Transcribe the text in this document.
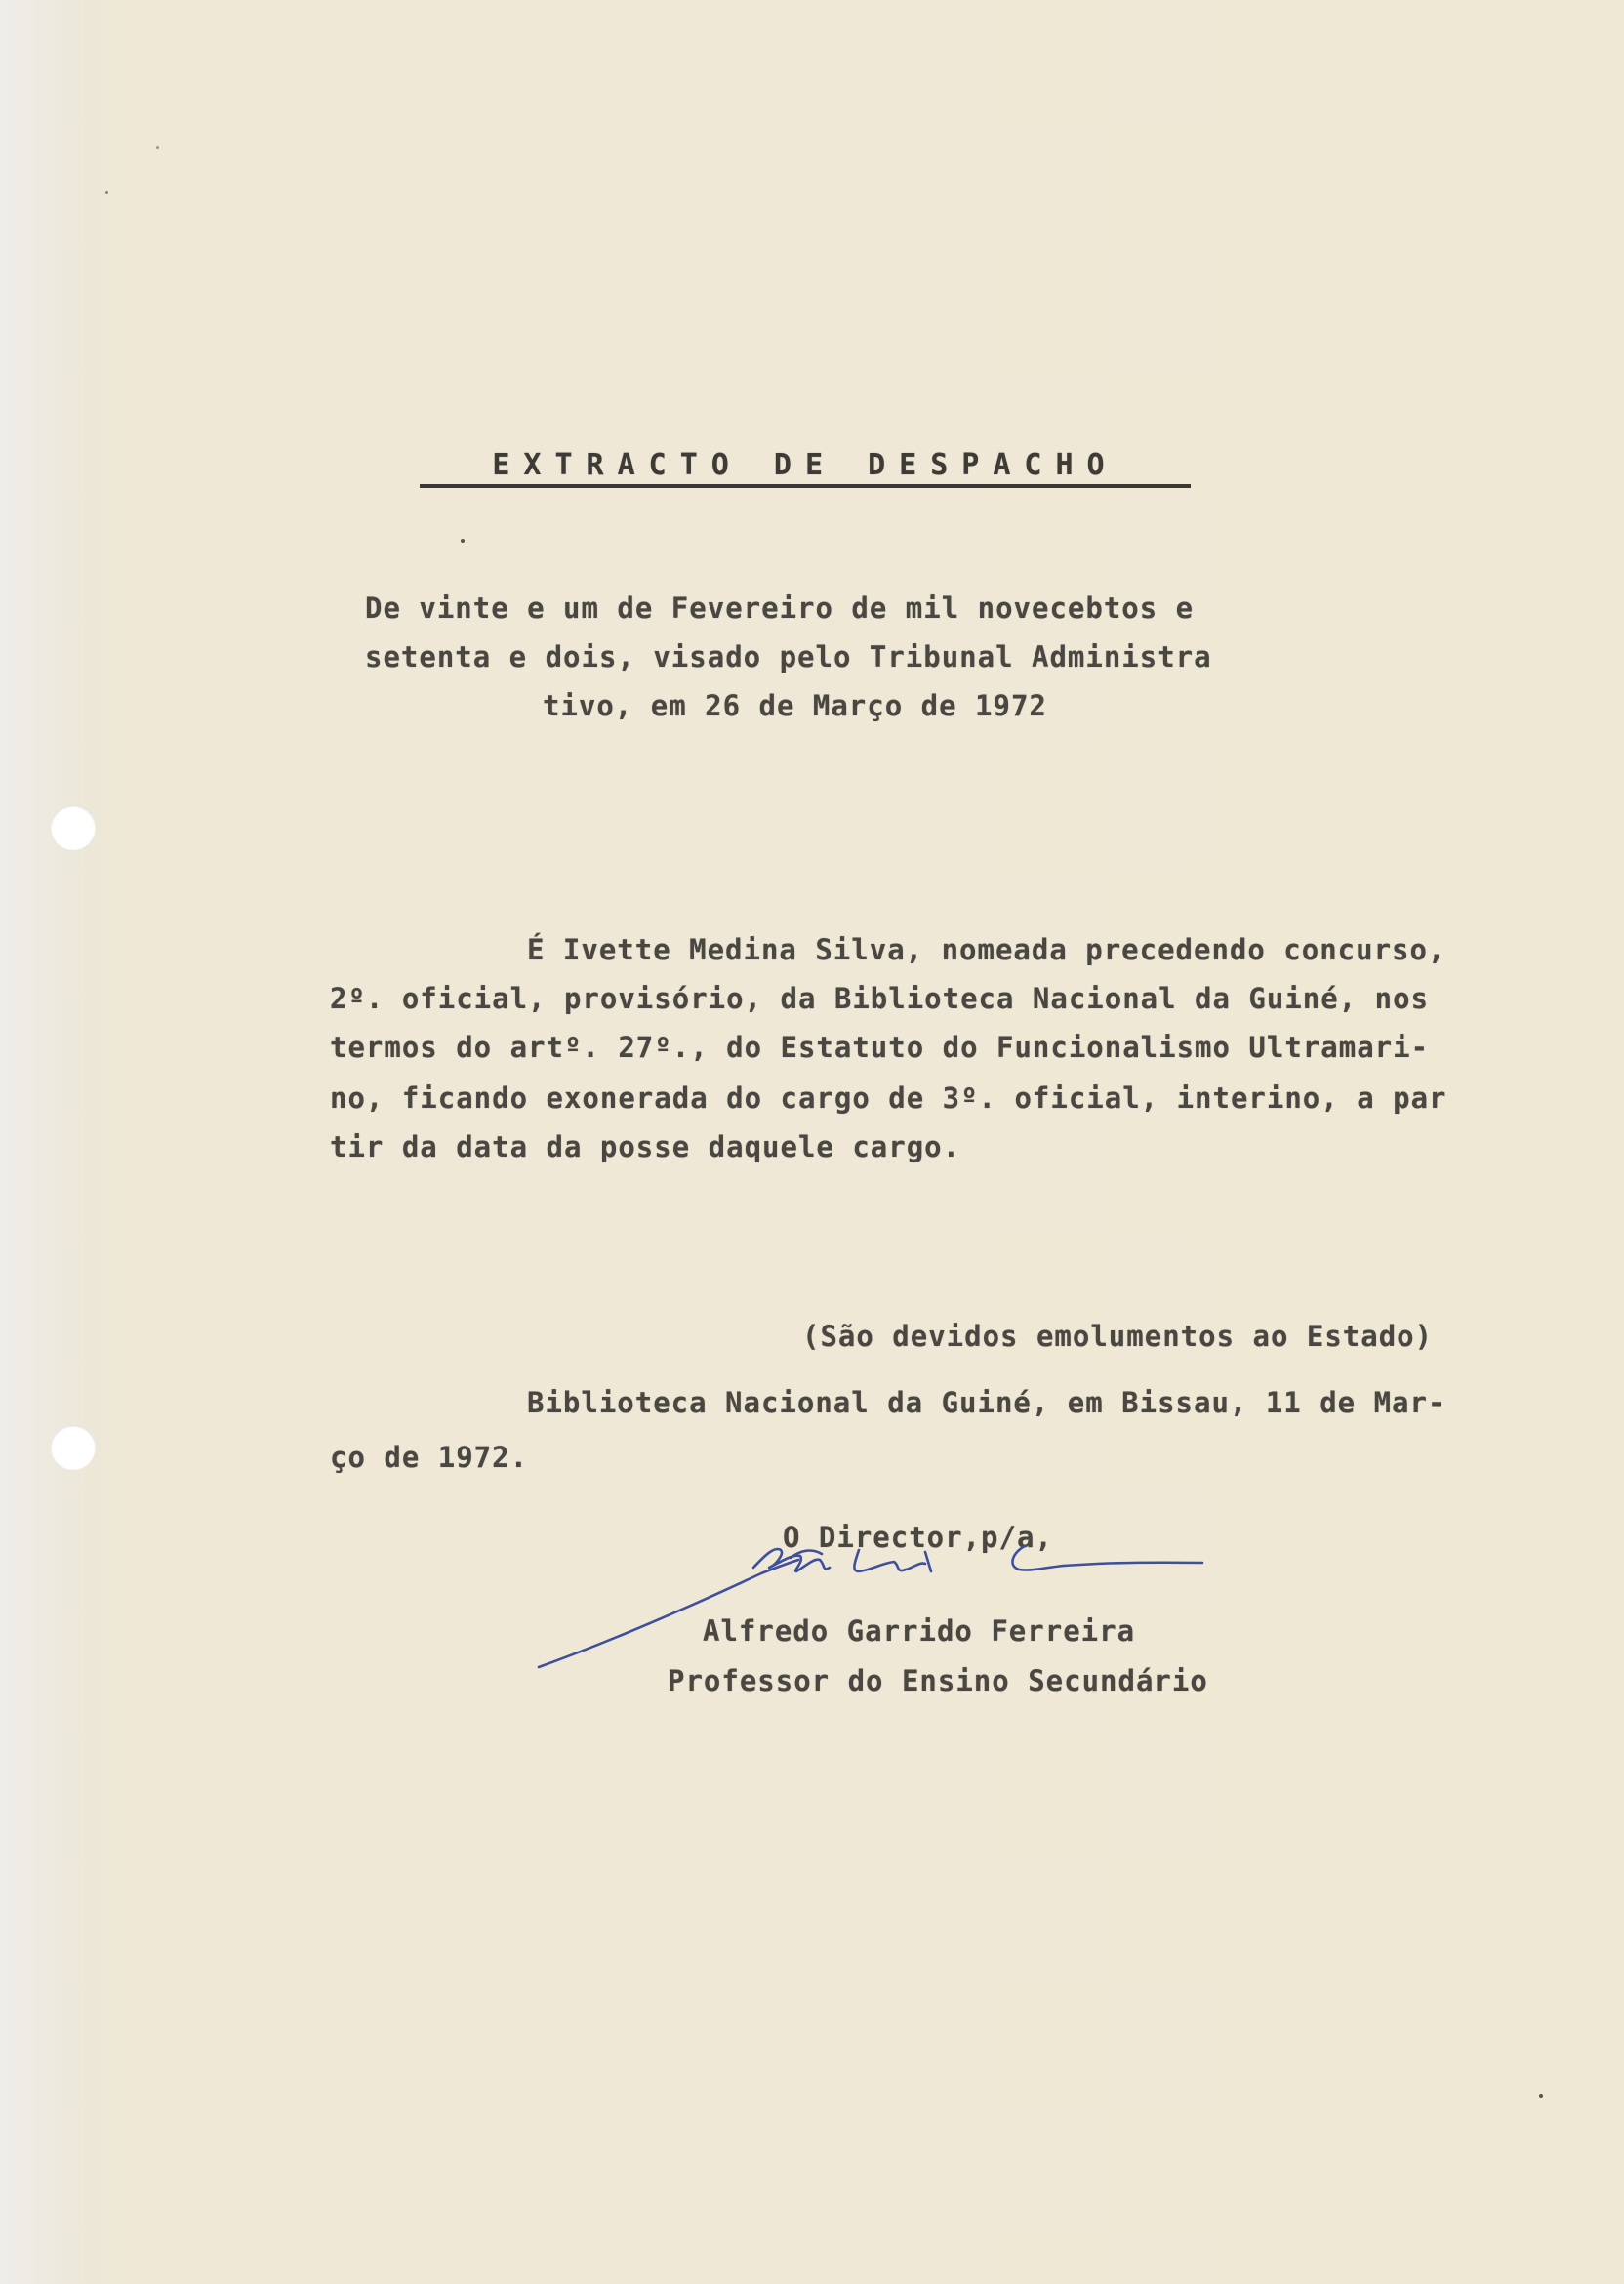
EXTRACTO DE DESPACHO
De vinte e um de Fevereiro de mil novecebtos e
setenta e dois, visado pelo Tribunal Administra
tivo, em 26 de Março de 1972
É Ivette Medina Silva, nomeada precedendo concurso,
2º. oficial, provisório, da Biblioteca Nacional da Guiné, nos
termos do artº. 27º., do Estatuto do Funcionalismo Ultramari-
no, ficando exonerada do cargo de 3º. oficial, interino, a par
tir da data da posse daquele cargo.
(São devidos emolumentos ao Estado)
Biblioteca Nacional da Guiné, em Bissau, 11 de Mar-
ço de 1972.
O Director,p/a,
Alfredo Garrido Ferreira
Professor do Ensino Secundário
